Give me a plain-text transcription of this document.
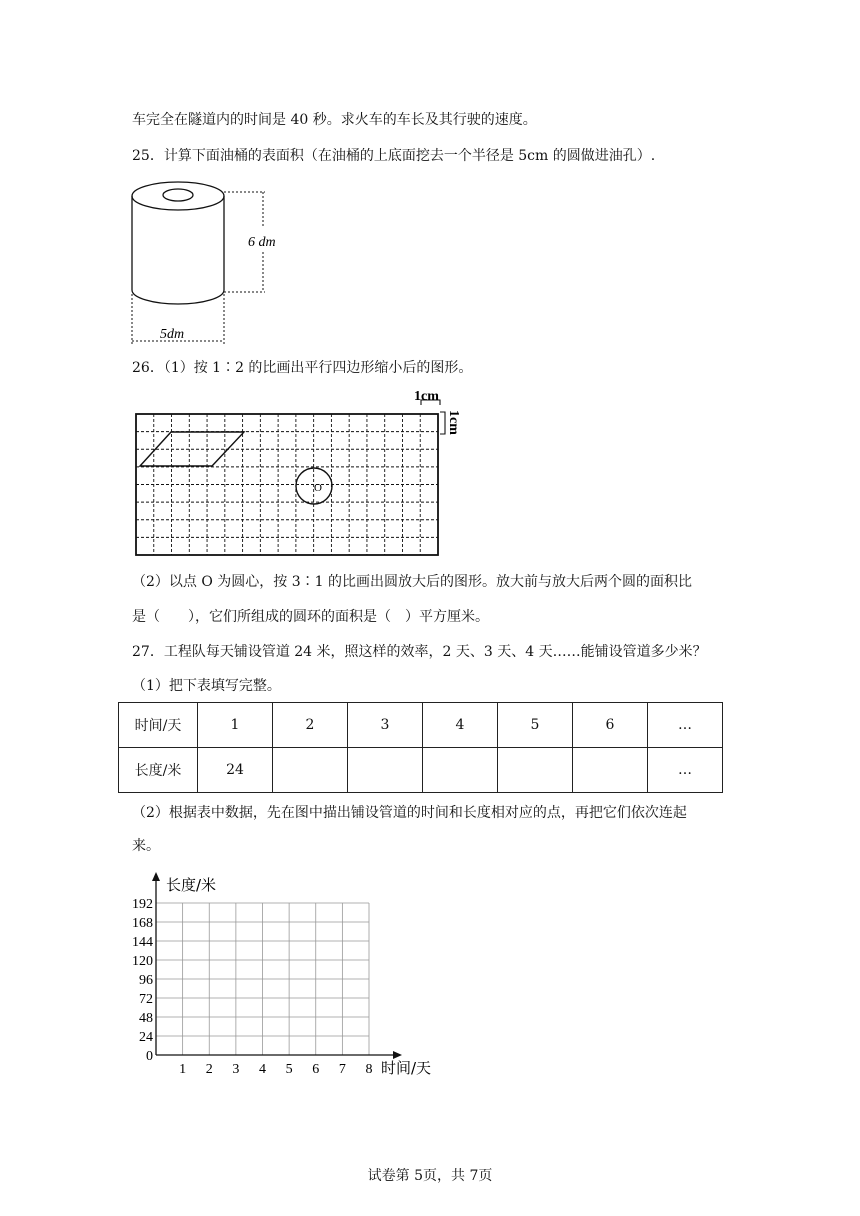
车完全在隧道内的时间是 40 秒。求火车的车长及其行驶的速度。
25．计算下面油桶的表面积（在油桶的上底面挖去一个半径是 5cm 的圆做进油孔）.
6 dm
5dm
26．（1）按 1∶2 的比画出平行四边形缩小后的图形。
O
1cm
1cm
（2）以点 O 为圆心，按 3∶1 的比画出圆放大后的图形。放大前与放大后两个圆的面积比
是（　　），它们所组成的圆环的面积是（　）平方厘米。
27．工程队每天铺设管道 24 米，照这样的效率，2 天、3 天、4 天……能铺设管道多少米？
（1）把下表填写完整。
时间/天	1	2	3	4	5	6	…
长度/米	24						…
（2）根据表中数据，先在图中描出铺设管道的时间和长度相对应的点，再把它们依次连起
来。
1 2 3 4 5 6 7 8
0
24
48
72
96
120
144
168
192
长度/米
时间/天
试卷第 5页，共 7页
